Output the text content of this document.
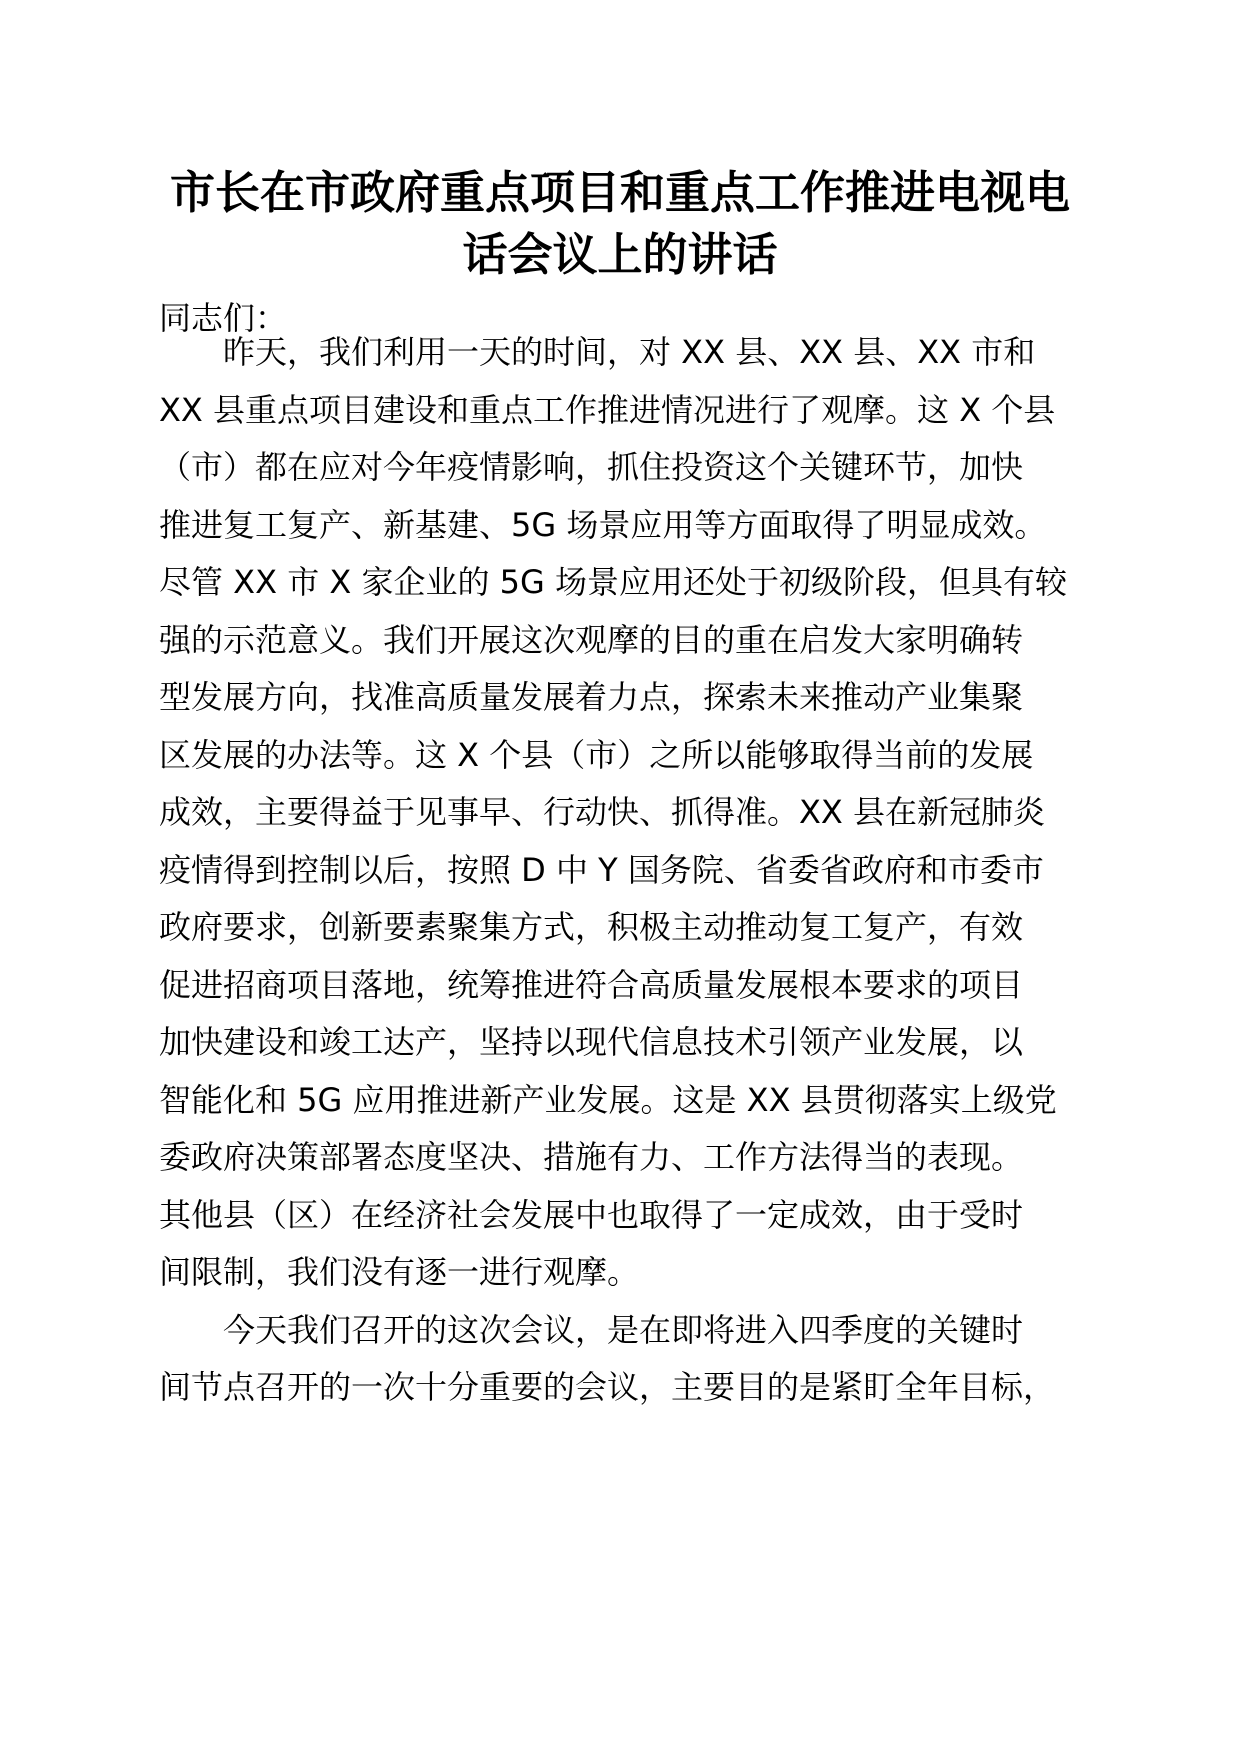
市长在市政府重点项目和重点工作推进电视电话会议上的讲话
同志们：
　　昨天，我们利用一天的时间，对 XX 县、XX 县、XX 市和
XX 县重点项目建设和重点工作推进情况进行了观摩。这 X 个县
（市）都在应对今年疫情影响，抓住投资这个关键环节，加快
推进复工复产、新基建、5G 场景应用等方面取得了明显成效。
尽管 XX 市 X 家企业的 5G 场景应用还处于初级阶段，但具有较
强的示范意义。我们开展这次观摩的目的重在启发大家明确转
型发展方向，找准高质量发展着力点，探索未来推动产业集聚
区发展的办法等。这 X 个县（市）之所以能够取得当前的发展
成效，主要得益于见事早、行动快、抓得准。XX 县在新冠肺炎
疫情得到控制以后，按照 D 中 Y 国务院、省委省政府和市委市
政府要求，创新要素聚集方式，积极主动推动复工复产，有效
促进招商项目落地，统筹推进符合高质量发展根本要求的项目
加快建设和竣工达产，坚持以现代信息技术引领产业发展，以
智能化和 5G 应用推进新产业发展。这是 XX 县贯彻落实上级党
委政府决策部署态度坚决、措施有力、工作方法得当的表现。
其他县（区）在经济社会发展中也取得了一定成效，由于受时
间限制，我们没有逐一进行观摩。
　　今天我们召开的这次会议，是在即将进入四季度的关键时
间节点召开的一次十分重要的会议，主要目的是紧盯全年目标，
